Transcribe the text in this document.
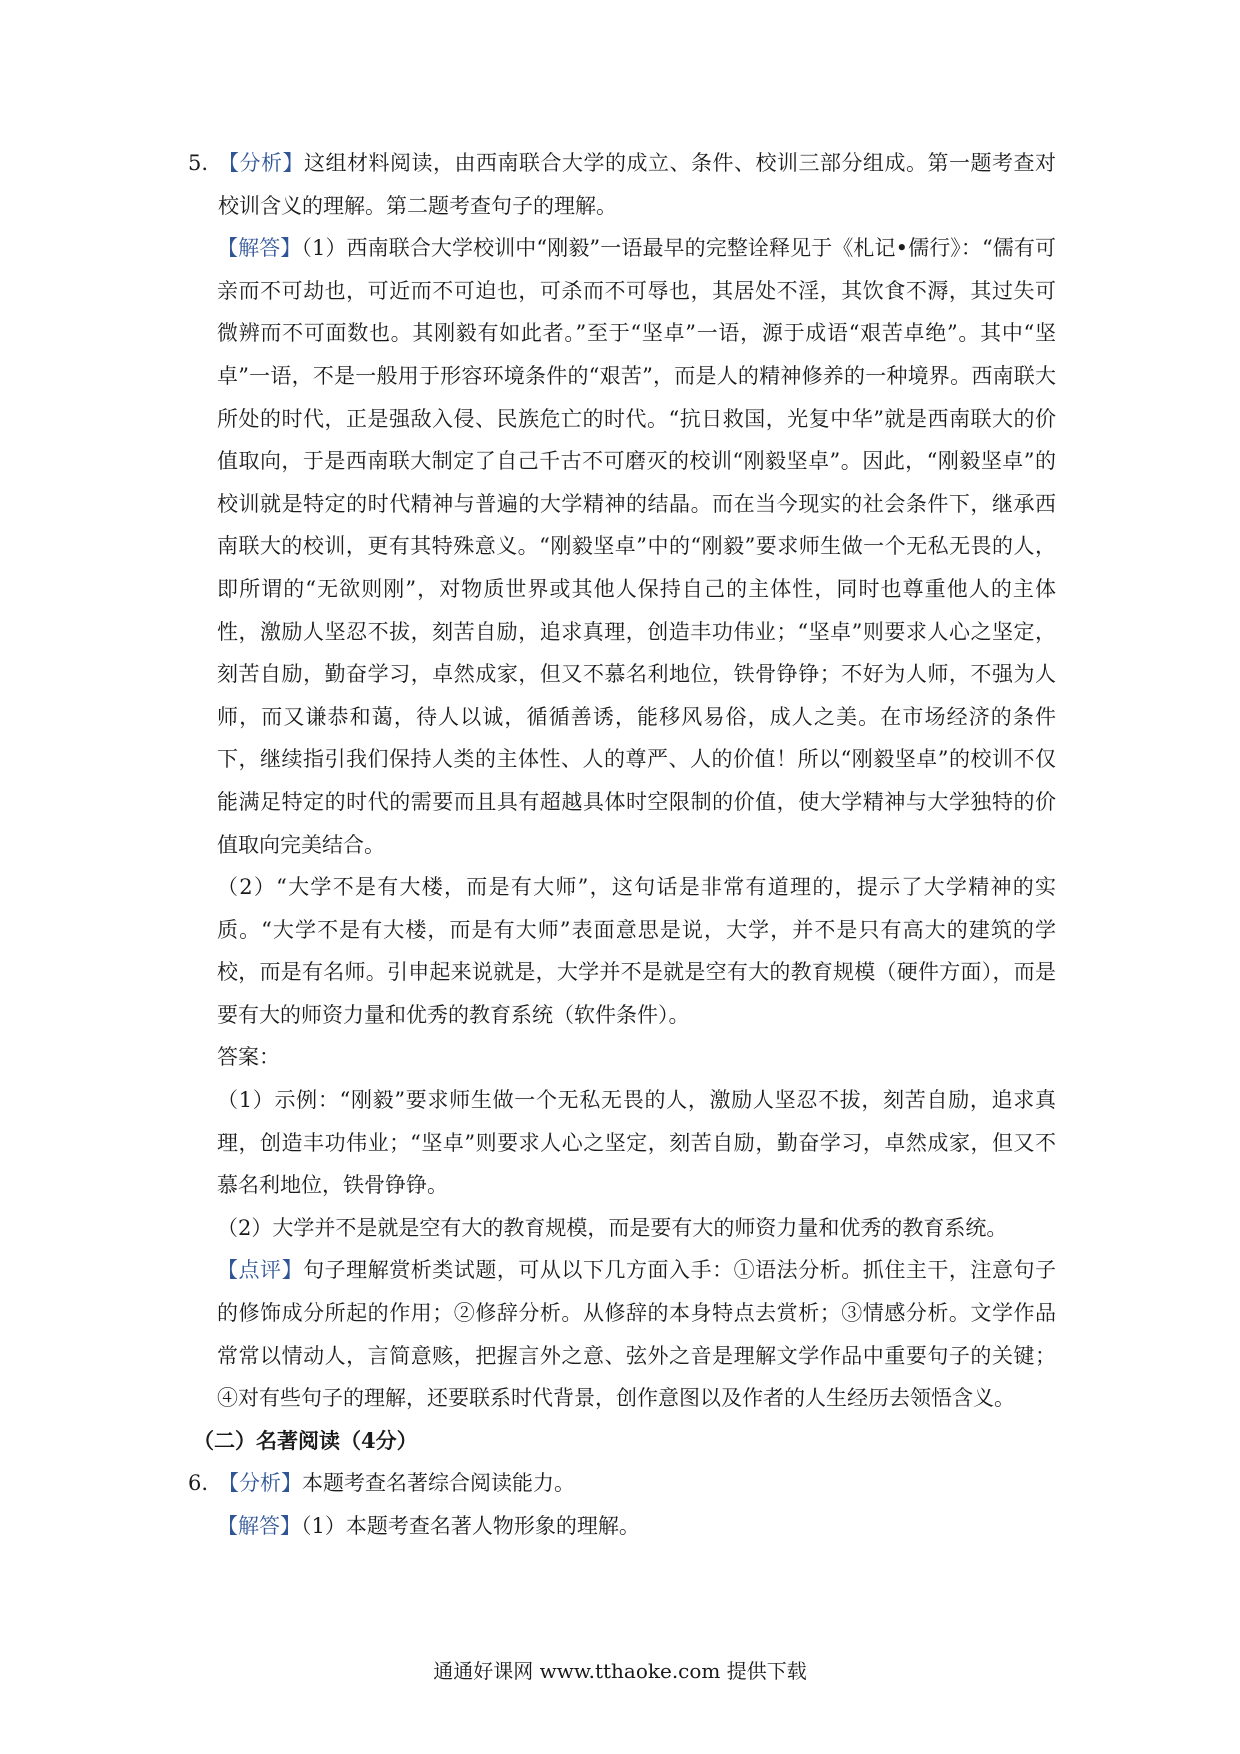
5. 【分析】这组材料阅读，由西南联合大学的成立、条件、校训三部分组成。第一题考查对校训含义的理解。第二题考查句子的理解。

【解答】（1）西南联合大学校训中“刚毅”一语最早的完整诠释见于《札记•儒行》：“儒有可亲而不可劫也，可近而不可迫也，可杀而不可辱也，其居处不淫，其饮食不溽，其过失可微辨而不可面数也。其刚毅有如此者。”至于“坚卓”一语，源于成语“艰苦卓绝”。其中“坚卓”一语，不是一般用于形容环境条件的“艰苦”，而是人的精神修养的一种境界。西南联大所处的时代，正是强敌入侵、民族危亡的时代。“抗日救国，光复中华”就是西南联大的价值取向，于是西南联大制定了自己千古不可磨灭的校训“刚毅坚卓”。因此，“刚毅坚卓”的校训就是特定的时代精神与普遍的大学精神的结晶。而在当今现实的社会条件下，继承西南联大的校训，更有其特殊意义。“刚毅坚卓”中的“刚毅”要求师生做一个无私无畏的人，即所谓的“无欲则刚”，对物质世界或其他人保持自己的主体性，同时也尊重他人的主体性，激励人坚忍不拔，刻苦自励，追求真理，创造丰功伟业；“坚卓”则要求人心之坚定，刻苦自励，勤奋学习，卓然成家，但又不慕名利地位，铁骨铮铮；不好为人师，不强为人师，而又谦恭和蔼，待人以诚，循循善诱，能移风易俗，成人之美。在市场经济的条件下，继续指引我们保持人类的主体性、人的尊严、人的价值！所以“刚毅坚卓”的校训不仅能满足特定的时代的需要而且具有超越具体时空限制的价值，使大学精神与大学独特的价值取向完美结合。

（2）“大学不是有大楼，而是有大师”，这句话是非常有道理的，提示了大学精神的实质。“大学不是有大楼，而是有大师”表面意思是说，大学，并不是只有高大的建筑的学校，而是有名师。引申起来说就是，大学并不是就是空有大的教育规模（硬件方面），而是要有大的师资力量和优秀的教育系统（软件条件）。

答案：

（1）示例：“刚毅”要求师生做一个无私无畏的人，激励人坚忍不拔，刻苦自励，追求真理，创造丰功伟业；“坚卓”则要求人心之坚定，刻苦自励，勤奋学习，卓然成家，但又不慕名利地位，铁骨铮铮。

（2）大学并不是就是空有大的教育规模，而是要有大的师资力量和优秀的教育系统。

【点评】句子理解赏析类试题，可从以下几方面入手：①语法分析。抓住主干，注意句子的修饰成分所起的作用；②修辞分析。从修辞的本身特点去赏析；③情感分析。文学作品常常以情动人，言简意赅，把握言外之意、弦外之音是理解文学作品中重要句子的关键；④对有些句子的理解，还要联系时代背景，创作意图以及作者的人生经历去领悟含义。

（二）名著阅读（4分）

6. 【分析】本题考查名著综合阅读能力。

【解答】（1）本题考查名著人物形象的理解。

通通好课网 www.tthaoke.com 提供下载
